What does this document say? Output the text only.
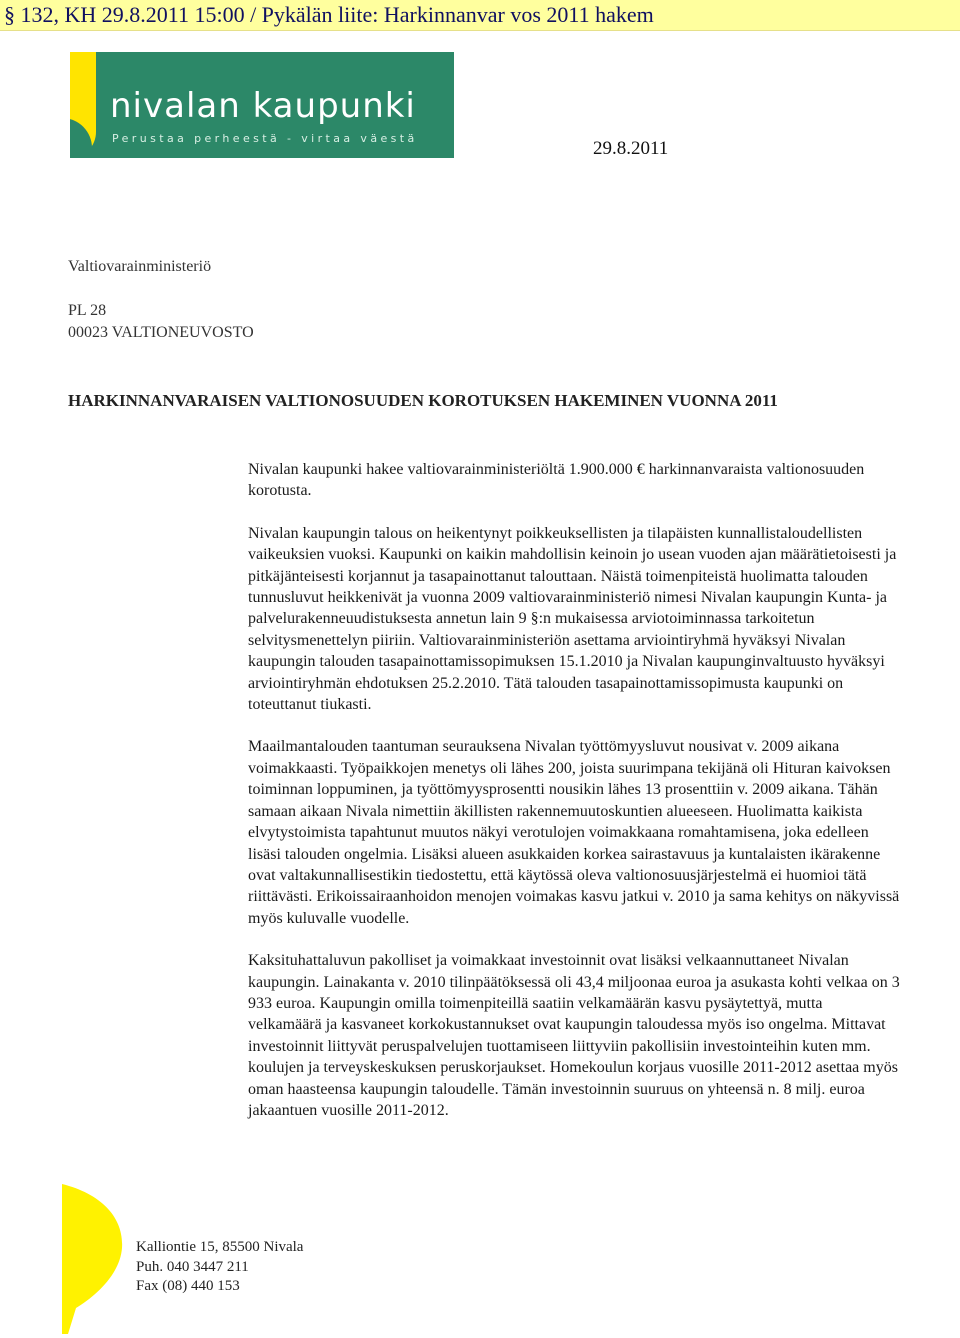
§ 132, KH 29.8.2011 15:00 / Pykälän liite: Harkinnanvar vos 2011 hakem
nivalan kaupunki
Perustaa perheestä - virtaa väestä	29.8.2011
Valtiovarainministeriö
PL 28
00023 VALTIONEUVOSTO
HARKINNANVARAISEN VALTIONOSUUDEN KOROTUKSEN HAKEMINEN VUONNA 2011

Nivalan kaupunki hakee valtiovarainministeriöltä 1.900.000 € harkinnanvaraista valtionosuuden korotusta.

Nivalan kaupungin talous on heikentynyt poikkeuksellisten ja tilapäisten kunnallistaloudellisten vaikeuksien vuoksi. Kaupunki on kaikin mahdollisin keinoin jo usean vuoden ajan määrätietoisesti ja pitkäjänteisesti korjannut ja tasapainottanut talouttaan. Näistä toimenpiteistä huolimatta talouden tunnusluvut heikkenivät ja vuonna 2009 valtiovarainministeriö nimesi Nivalan kaupungin Kunta- ja palvelurakenneuudistuksesta annetun lain 9 §:n mukaisessa arviotoiminnassa tarkoitetun selvitysmenettelyn piiriin. Valtiovarainministeriön asettama arviointiryhmä hyväksyi Nivalan kaupungin talouden tasapainottamissopimuksen 15.1.2010 ja Nivalan kaupunginvaltuusto hyväksyi arviointiryhmän ehdotuksen 25.2.2010. Tätä talouden tasapainottamissopimusta kaupunki on toteuttanut tiukasti.

Maailmantalouden taantuman seurauksena Nivalan työttömyysluvut nousivat v. 2009 aikana voimakkaasti. Työpaikkojen menetys oli lähes 200, joista suurimpana tekijänä oli Hituran kaivoksen toiminnan loppuminen, ja työttömyysprosentti nousikin lähes 13 prosenttiin v. 2009 aikana. Tähän samaan aikaan Nivala nimettiin äkillisten rakennemuutoskuntien alueeseen. Huolimatta kaikista elvytystoimista tapahtunut muutos näkyi verotulojen voimakkaana romahtamisena, joka edelleen lisäsi talouden ongelmia. Lisäksi alueen asukkaiden korkea sairastavuus ja kuntalaisten ikärakenne ovat valtakunnallisestikin tiedostettu, että käytössä oleva valtionosuusjärjestelmä ei huomioi tätä riittävästi. Erikoissairaanhoidon menojen voimakas kasvu jatkui v. 2010 ja sama kehitys on näkyvissä myös kuluvalle vuodelle.

Kaksituhattaluvun pakolliset ja voimakkaat investoinnit ovat lisäksi velkaannuttaneet Nivalan kaupungin. Lainakanta v. 2010 tilinpäätöksessä oli 43,4 miljoonaa euroa ja asukasta kohti velkaa on 3 933 euroa. Kaupungin omilla toimenpiteillä saatiin velkamäärän kasvu pysäytettyä, mutta velkamäärä ja kasvaneet korkokustannukset ovat kaupungin taloudessa myös iso ongelma. Mittavat investoinnit liittyvät peruspalvelujen tuottamiseen liittyviin pakollisiin investointeihin kuten mm. koulujen ja terveyskeskuksen peruskorjaukset. Homekoulun korjaus vuosille 2011-2012 asettaa myös oman haasteensa kaupungin taloudelle. Tämän investoinnin suuruus on yhteensä n. 8 milj. euroa jakaantuen vuosille 2011-2012.

Kalliontie 15, 85500 Nivala
Puh. 040 3447 211
Fax (08) 440 153
